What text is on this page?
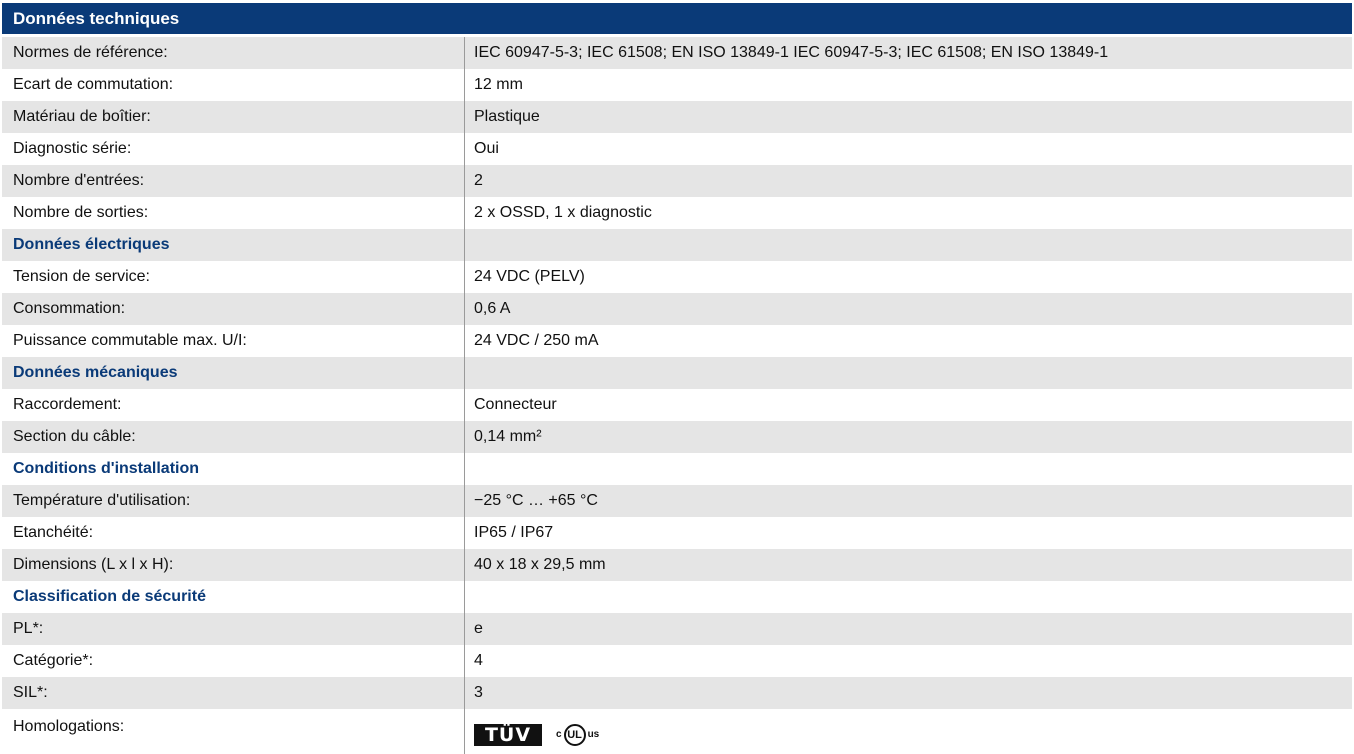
Données techniques
Normes de référence:	IEC 60947-5-3; IEC 61508; EN ISO 13849-1 IEC 60947-5-3; IEC 61508; EN ISO 13849-1
Ecart de commutation:	12 mm
Matériau de boîtier:	Plastique
Diagnostic série:	Oui
Nombre d'entrées:	2
Nombre de sorties:	2 x OSSD, 1 x diagnostic
Données électriques
Tension de service:	24 VDC (PELV)
Consommation:	0,6 A
Puissance commutable max. U/I:	24 VDC / 250 mA
Données mécaniques
Raccordement:	Connecteur
Section du câble:	0,14 mm²
Conditions d'installation
Température d'utilisation:	−25 °C … +65 °C
Etanchéité:	IP65 / IP67
Dimensions (L x l x H):	40 x 18 x 29,5 mm
Classification de sécurité
PL*:	e
Catégorie*:	4
SIL*:	3
Homologations:	TÜV	c UL us
